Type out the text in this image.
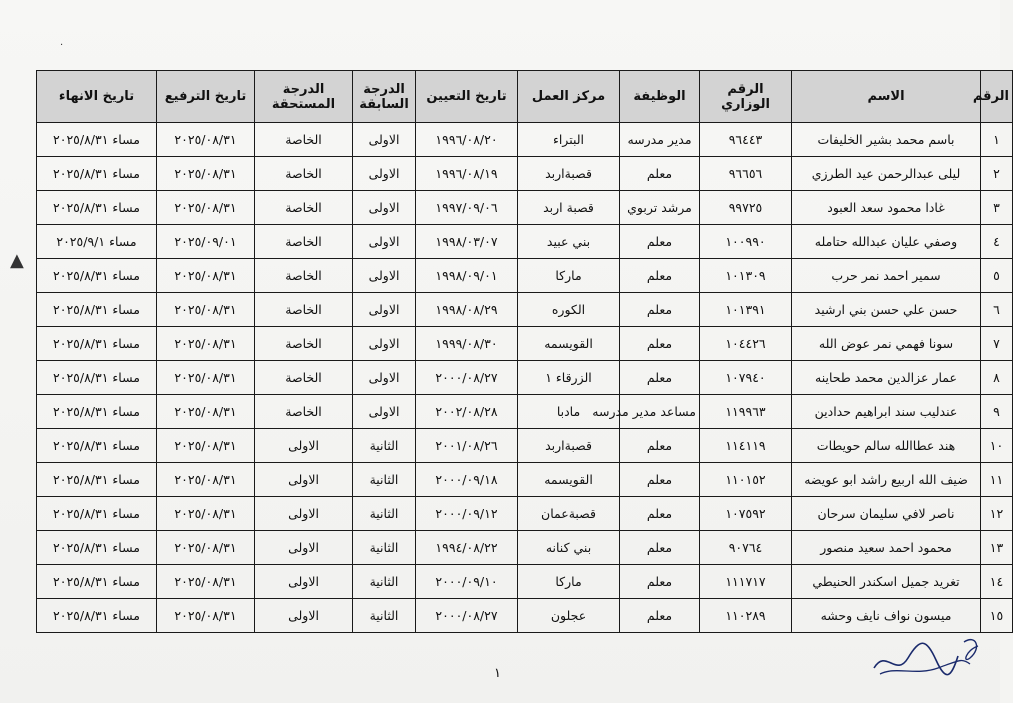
·
▲
الرقم	الاسم	الرقم الوزاري	الوظيفة	مركز العمل	تاريخ التعيين	الدرجة السابقة	الدرجة المستحقة	تاريخ الترفيع	تاريخ الانهاء
١	باسم محمد بشير الخليفات	٩٦٤٤٣	مدير مدرسه	البتراء	١٩٩٦/٠٨/٢٠	الاولى	الخاصة	٢٠٢٥/٠٨/٣١	مساء ٢٠٢٥/٨/٣١
٢	ليلى عبدالرحمن عيد الطرزي	٩٦٦٥٦	معلم	قصبةاربد	١٩٩٦/٠٨/١٩	الاولى	الخاصة	٢٠٢٥/٠٨/٣١	مساء ٢٠٢٥/٨/٣١
٣	غادا محمود سعد العبود	٩٩٧٢٥	مرشد تربوي	قصبة اربد	١٩٩٧/٠٩/٠٦	الاولى	الخاصة	٢٠٢٥/٠٨/٣١	مساء ٢٠٢٥/٨/٣١
٤	وصفي عليان عبدالله حتامله	١٠٠٩٩٠	معلم	بني عبيد	١٩٩٨/٠٣/٠٧	الاولى	الخاصة	٢٠٢٥/٠٩/٠١	مساء ٢٠٢٥/٩/١
٥	سمير احمد نمر حرب	١٠١٣٠٩	معلم	ماركا	١٩٩٨/٠٩/٠١	الاولى	الخاصة	٢٠٢٥/٠٨/٣١	مساء ٢٠٢٥/٨/٣١
٦	حسن علي حسن بني ارشيد	١٠١٣٩١	معلم	الكوره	١٩٩٨/٠٨/٢٩	الاولى	الخاصة	٢٠٢٥/٠٨/٣١	مساء ٢٠٢٥/٨/٣١
٧	سونا فهمي نمر عوض الله	١٠٤٤٢٦	معلم	القويسمه	١٩٩٩/٠٨/٣٠	الاولى	الخاصة	٢٠٢٥/٠٨/٣١	مساء ٢٠٢٥/٨/٣١
٨	عمار عزالدين محمد طحاينه	١٠٧٩٤٠	معلم	الزرقاء ١	٢٠٠٠/٠٨/٢٧	الاولى	الخاصة	٢٠٢٥/٠٨/٣١	مساء ٢٠٢٥/٨/٣١
٩	عندليب سند ابراهيم حدادين	١١٩٩٦٣	مساعد مدير مدرسه	مادبا	٢٠٠٢/٠٨/٢٨	الاولى	الخاصة	٢٠٢٥/٠٨/٣١	مساء ٢٠٢٥/٨/٣١
١٠	هند عطاالله سالم حويطات	١١٤١١٩	معلم	قصبةاربد	٢٠٠١/٠٨/٢٦	الثانية	الاولى	٢٠٢٥/٠٨/٣١	مساء ٢٠٢٥/٨/٣١
١١	ضيف الله اربيع راشد ابو عويضه	١١٠١٥٢	معلم	القويسمه	٢٠٠٠/٠٩/١٨	الثانية	الاولى	٢٠٢٥/٠٨/٣١	مساء ٢٠٢٥/٨/٣١
١٢	ناصر لافي سليمان سرحان	١٠٧٥٩٢	معلم	قصبةعمان	٢٠٠٠/٠٩/١٢	الثانية	الاولى	٢٠٢٥/٠٨/٣١	مساء ٢٠٢٥/٨/٣١
١٣	محمود احمد سعيد منصور	٩٠٧٦٤	معلم	بني كنانه	١٩٩٤/٠٨/٢٢	الثانية	الاولى	٢٠٢٥/٠٨/٣١	مساء ٢٠٢٥/٨/٣١
١٤	تغريد جميل اسكندر الحنيطي	١١١٧١٧	معلم	ماركا	٢٠٠٠/٠٩/١٠	الثانية	الاولى	٢٠٢٥/٠٨/٣١	مساء ٢٠٢٥/٨/٣١
١٥	ميسون نواف نايف وحشه	١١٠٢٨٩	معلم	عجلون	٢٠٠٠/٠٨/٢٧	الثانية	الاولى	٢٠٢٥/٠٨/٣١	مساء ٢٠٢٥/٨/٣١
١
